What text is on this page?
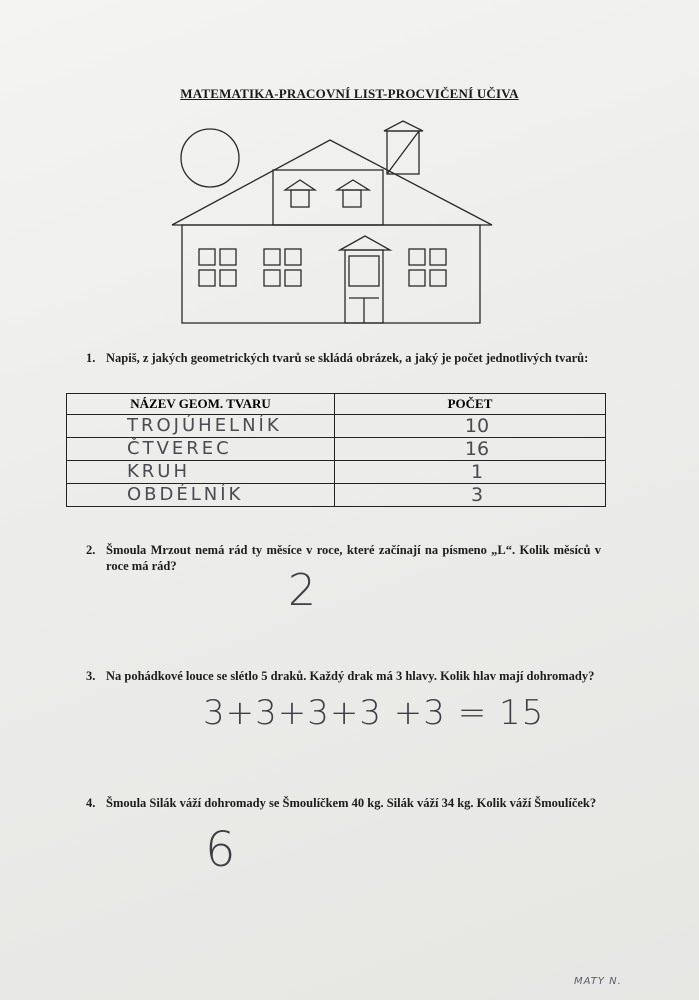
MATEMATIKA-PRACOVNÍ LIST-PROCVIČENÍ UČIVA
1. Napiš, z jakých geometrických tvarů se skládá obrázek, a jaký je počet jednotlivých tvarů:
NÁZEV GEOM. TVARU	POČET

TROJÚHELNÍK	10

ČTVEREC	16

KRUH	1

OBDÉLNÍK	3
2. Šmoula Mrzout nemá rád ty měsíce v roce, které začínají na písmeno „L“. Kolik měsíců v roce má rád?	2
3. Na pohádkové louce se slétlo 5 draků. Každý drak má 3 hlavy. Kolik hlav mají dohromady?
3+3+3+3 +3 = 15
4. Šmoula Silák váží dohromady se Šmoulíčkem 40 kg. Silák váží 34 kg. Kolik váží Šmoulíček?
6
MATY N.
